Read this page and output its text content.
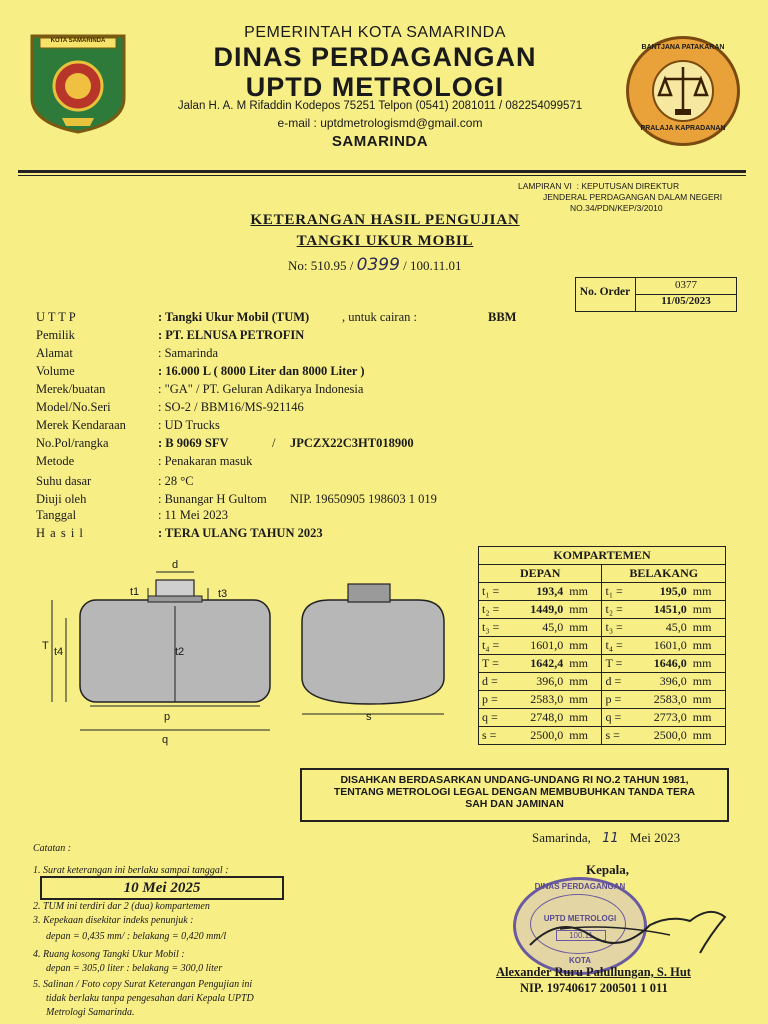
KOTA SAMARINDA	PEMERINTAH KOTA SAMARINDA
DINAS PERDAGANGAN
UPTD METROLOGI
Jalan H. A. M Rifaddin Kodepos 75251 Telpon (0541) 2081011 / 082254099571
e-mail : uptdmetrologismd@gmail.com
SAMARINDA
BANTJANA PATAKARAN
PRALAJA KAPRADANAN
LAMPIRAN VI : KEPUTUSAN DIREKTUR
JENDERAL PERDAGANGAN DALAM NEGERI
NO.34/PDN/KEP/3/2010
KETERANGAN HASIL PENGUJIAN
TANGKI UKUR MOBIL
No: 510.95 / 0399 / 100.11.01
No. Order
0377
11/05/2023
U T T P	: Tangki Ukur Mobil (TUM)	, untuk cairan :	BBM
Pemilik	: PT. ELNUSA PETROFIN
Alamat	: Samarinda
Volume	: 16.000 L ( 8000 Liter dan 8000 Liter )
Merek/buatan	: "GA" / PT. Geluran Adikarya Indonesia
Model/No.Seri	: SO-2 / BBM16/MS-921146
Merek Kendaraan	: UD Trucks
No.Pol/rangka	: B 9069 SFV	/ JPCZX22C3HT018900
Metode	: Penakaran masuk
Suhu dasar	: 28 °C
Diuji oleh	: Bunangar H Gultom NIP. 19650905 198603 1 019
Tanggal	: 11 Mei 2023
H a s i l	: TERA ULANG TAHUN 2023
d
t1	t3
T t4	t2
p
q
s
KOMPARTEMEN					
DEPAN			BELAKANG		
t₁ =	193,4	mm	t₁ =	195,0	mm
t₂ =	1449,0	mm	t₂ =	1451,0	mm
t₃ =	45,0	mm	t₃ =	45,0	mm
t₄ =	1601,0	mm	t₄ =	1601,0	mm
T =	1642,4	mm	T =	1646,0	mm
d =	396,0	mm	d =	396,0	mm
p =	2583,0	mm	p =	2583,0	mm
q =	2748,0	mm	q =	2773,0	mm
s =	2500,0	mm	s =	2500,0	mm
DISAHKAN BERDASARKAN UNDANG-UNDANG RI NO.2 TAHUN 1981,
TENTANG METROLOGI LEGAL DENGAN MEMBUBUHKAN TANDA TERA
SAH DAN JAMINAN
Samarinda, 11 Mei 2023
Catatan :
1. Surat keterangan ini berlaku sampai tanggal :
10 Mei 2025
2. TUM ini terdiri dar 2 (dua) kompartemen
3. Kepekaan disekitar indeks penunjuk :
depan = 0,435 mm/ : belakang = 0,420 mm/l
4. Ruang kosong Tangki Ukur Mobil :
depan = 305,0 liter : belakang = 300,0 liter
5. Salinan / Foto copy Surat Keterangan Pengujian ini
tidak berlaku tanpa pengesahan dari Kepala UPTD
Metrologi Samarinda.
Kepala,
DINAS PERDAGANGAN
UPTD METROLOGI
100.11
KOTA
Alexander Ruru Palullungan, S. Hut
NIP. 19740617 200501 1 011
